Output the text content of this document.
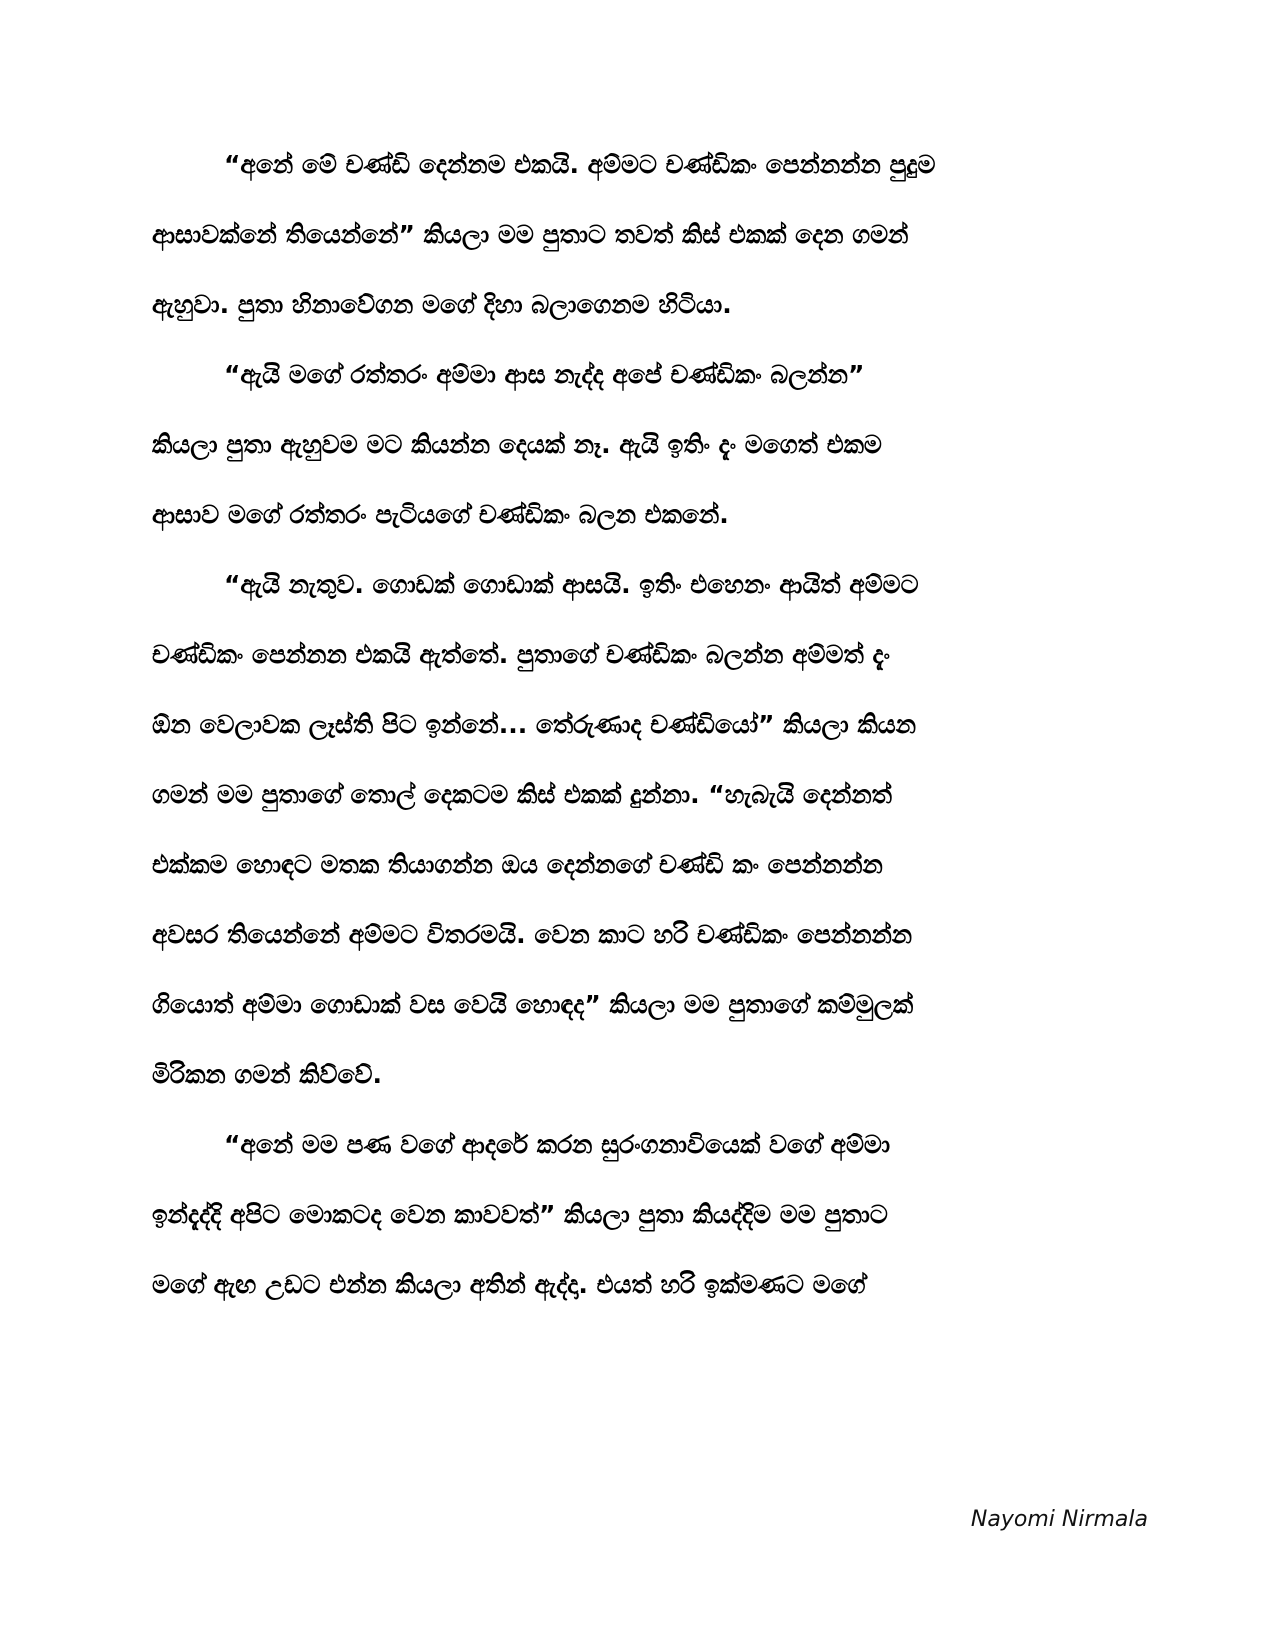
“අනේ මේ චණ්ඩි දෙන්නම එකයි. අම්මට චණ්ඩිකං පෙන්නන්න පුදුම
ආසාවක්නේ තියෙන්නේ” කියලා මම පුතාට තවත් කිස් එකක් දෙන ගමන්
ඇහුවා. පුතා හිනාවේගන මගේ දිහා බලාගෙනම හිටියා.
“ඇයි මගේ රත්තරං අම්මා ආස නැද්ද අපේ චණ්ඩිකං බලන්න”
කියලා පුතා ඇහුවම මට කියන්න දෙයක් නෑ. ඇයි ඉතිං දැං මගෙත් එකම
ආසාව මගේ රත්තරං පැටියගේ චණ්ඩිකං බලන එකනේ.
“ඇයි නැතුව. ගොඩක් ගොඩාක් ආසයි. ඉතිං එහෙනං ආයිත් අම්මට
චණ්ඩිකං පෙන්නන එකයි ඇත්තේ. පුතාගේ චණ්ඩිකං බලන්න අම්මත් දැං
ඕන වෙලාවක ලෑස්ති පිට ඉන්නේ... තේරුණාද චණ්ඩියෝ” කියලා කියන
ගමන් මම පුතාගේ තොල් දෙකටම කිස් එකක් දුන්නා. “හැබැයි දෙන්නත්
එක්කම හොඳට මතක තියාගන්න ඔය දෙන්නගේ චණ්ඩි කං පෙන්නන්න
අවසර තියෙන්නේ අම්මට විතරමයි. වෙන කාට හරි චණ්ඩිකං පෙන්නන්න
ගියොත් අම්මා ගොඩාක් වස වෙයි හොඳද” කියලා මම පුතාගේ කම්මුලක්
මිරිකන ගමන් කිව්වේ.
“අනේ මම පණ වගේ ආදරේ කරන සුරංගනාවියෙක් වගේ අම්මා
ඉන්දැද්දි අපිට මොකටද වෙන කාවවත්” කියලා පුතා කියද්දිම මම පුතාට
මගේ ඇඟ උඩට එන්න කියලා අතින් ඇද්දා. එයත් හරි ඉක්මණට මගේ
Nayomi Nirmala
